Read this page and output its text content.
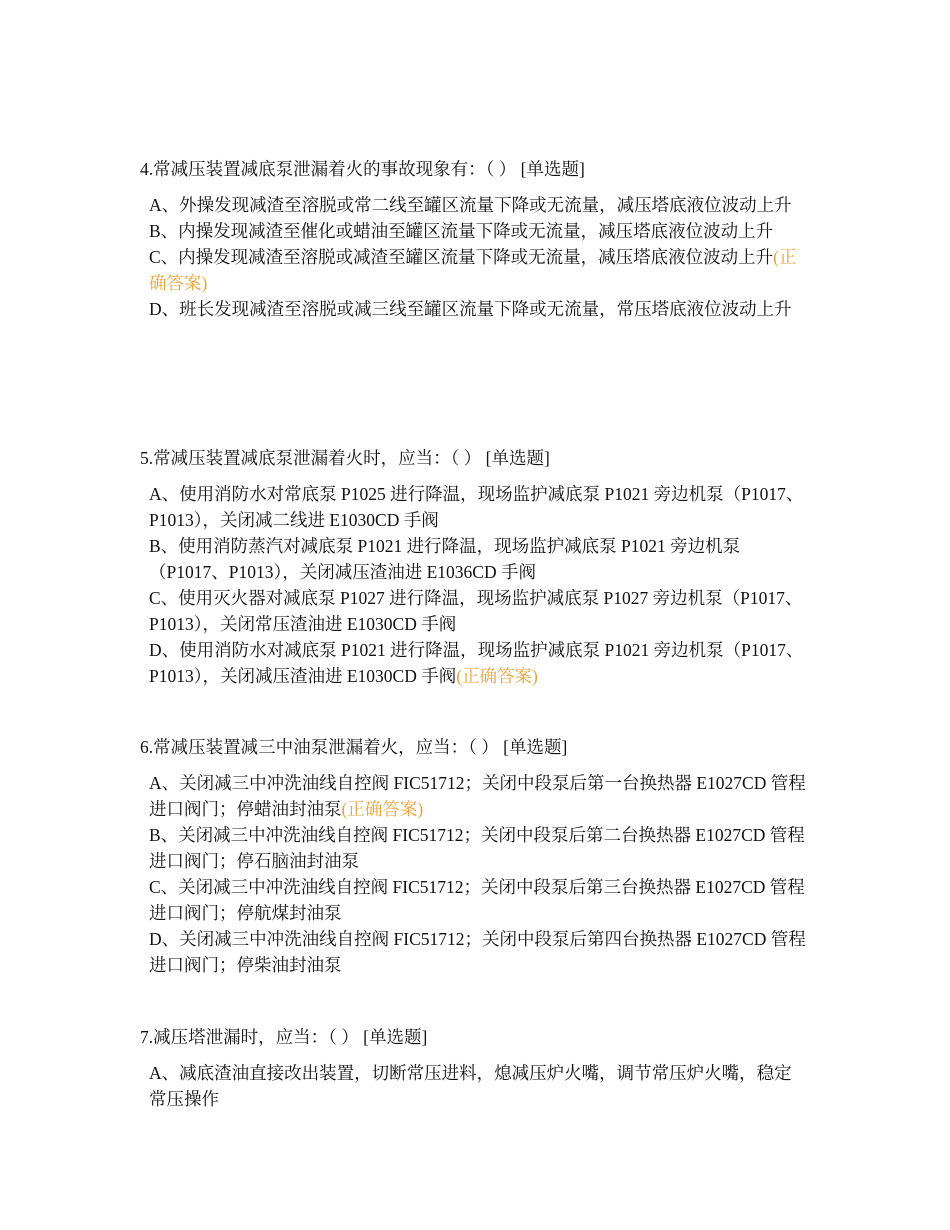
4.常减压装置减底泵泄漏着火的事故现象有：（ ） [单选题]

A、外操发现减渣至溶脱或常二线至罐区流量下降或无流量，减压塔底液位波动上升

B、内操发现减渣至催化或蜡油至罐区流量下降或无流量，减压塔底液位波动上升

C、内操发现减渣至溶脱或减渣至罐区流量下降或无流量，减压塔底液位波动上升(正确答案)

D、班长发现减渣至溶脱或减三线至罐区流量下降或无流量，常压塔底液位波动上升

5.常减压装置减底泵泄漏着火时，应当：（ ） [单选题]

A、使用消防水对常底泵 P1025 进行降温，现场监护减底泵 P1021 旁边机泵（P1017、P1013），关闭减二线进 E1030CD 手阀

B、使用消防蒸汽对减底泵 P1021 进行降温，现场监护减底泵 P1021 旁边机泵（P1017、P1013），关闭减压渣油进 E1036CD 手阀

C、使用灭火器对减底泵 P1027 进行降温，现场监护减底泵 P1027 旁边机泵（P1017、P1013），关闭常压渣油进 E1030CD 手阀

D、使用消防水对减底泵 P1021 进行降温，现场监护减底泵 P1021 旁边机泵（P1017、P1013），关闭减压渣油进 E1030CD 手阀(正确答案)

6.常减压装置减三中油泵泄漏着火，应当：（ ） [单选题]

A、关闭减三中冲洗油线自控阀 FIC51712；关闭中段泵后第一台换热器 E1027CD 管程进口阀门；停蜡油封油泵(正确答案)

B、关闭减三中冲洗油线自控阀 FIC51712；关闭中段泵后第二台换热器 E1027CD 管程进口阀门；停石脑油封油泵

C、关闭减三中冲洗油线自控阀 FIC51712；关闭中段泵后第三台换热器 E1027CD 管程进口阀门；停航煤封油泵

D、关闭减三中冲洗油线自控阀 FIC51712；关闭中段泵后第四台换热器 E1027CD 管程进口阀门；停柴油封油泵

7.减压塔泄漏时，应当：（ ） [单选题]

A、减底渣油直接改出装置，切断常压进料，熄减压炉火嘴，调节常压炉火嘴，稳定常压操作
